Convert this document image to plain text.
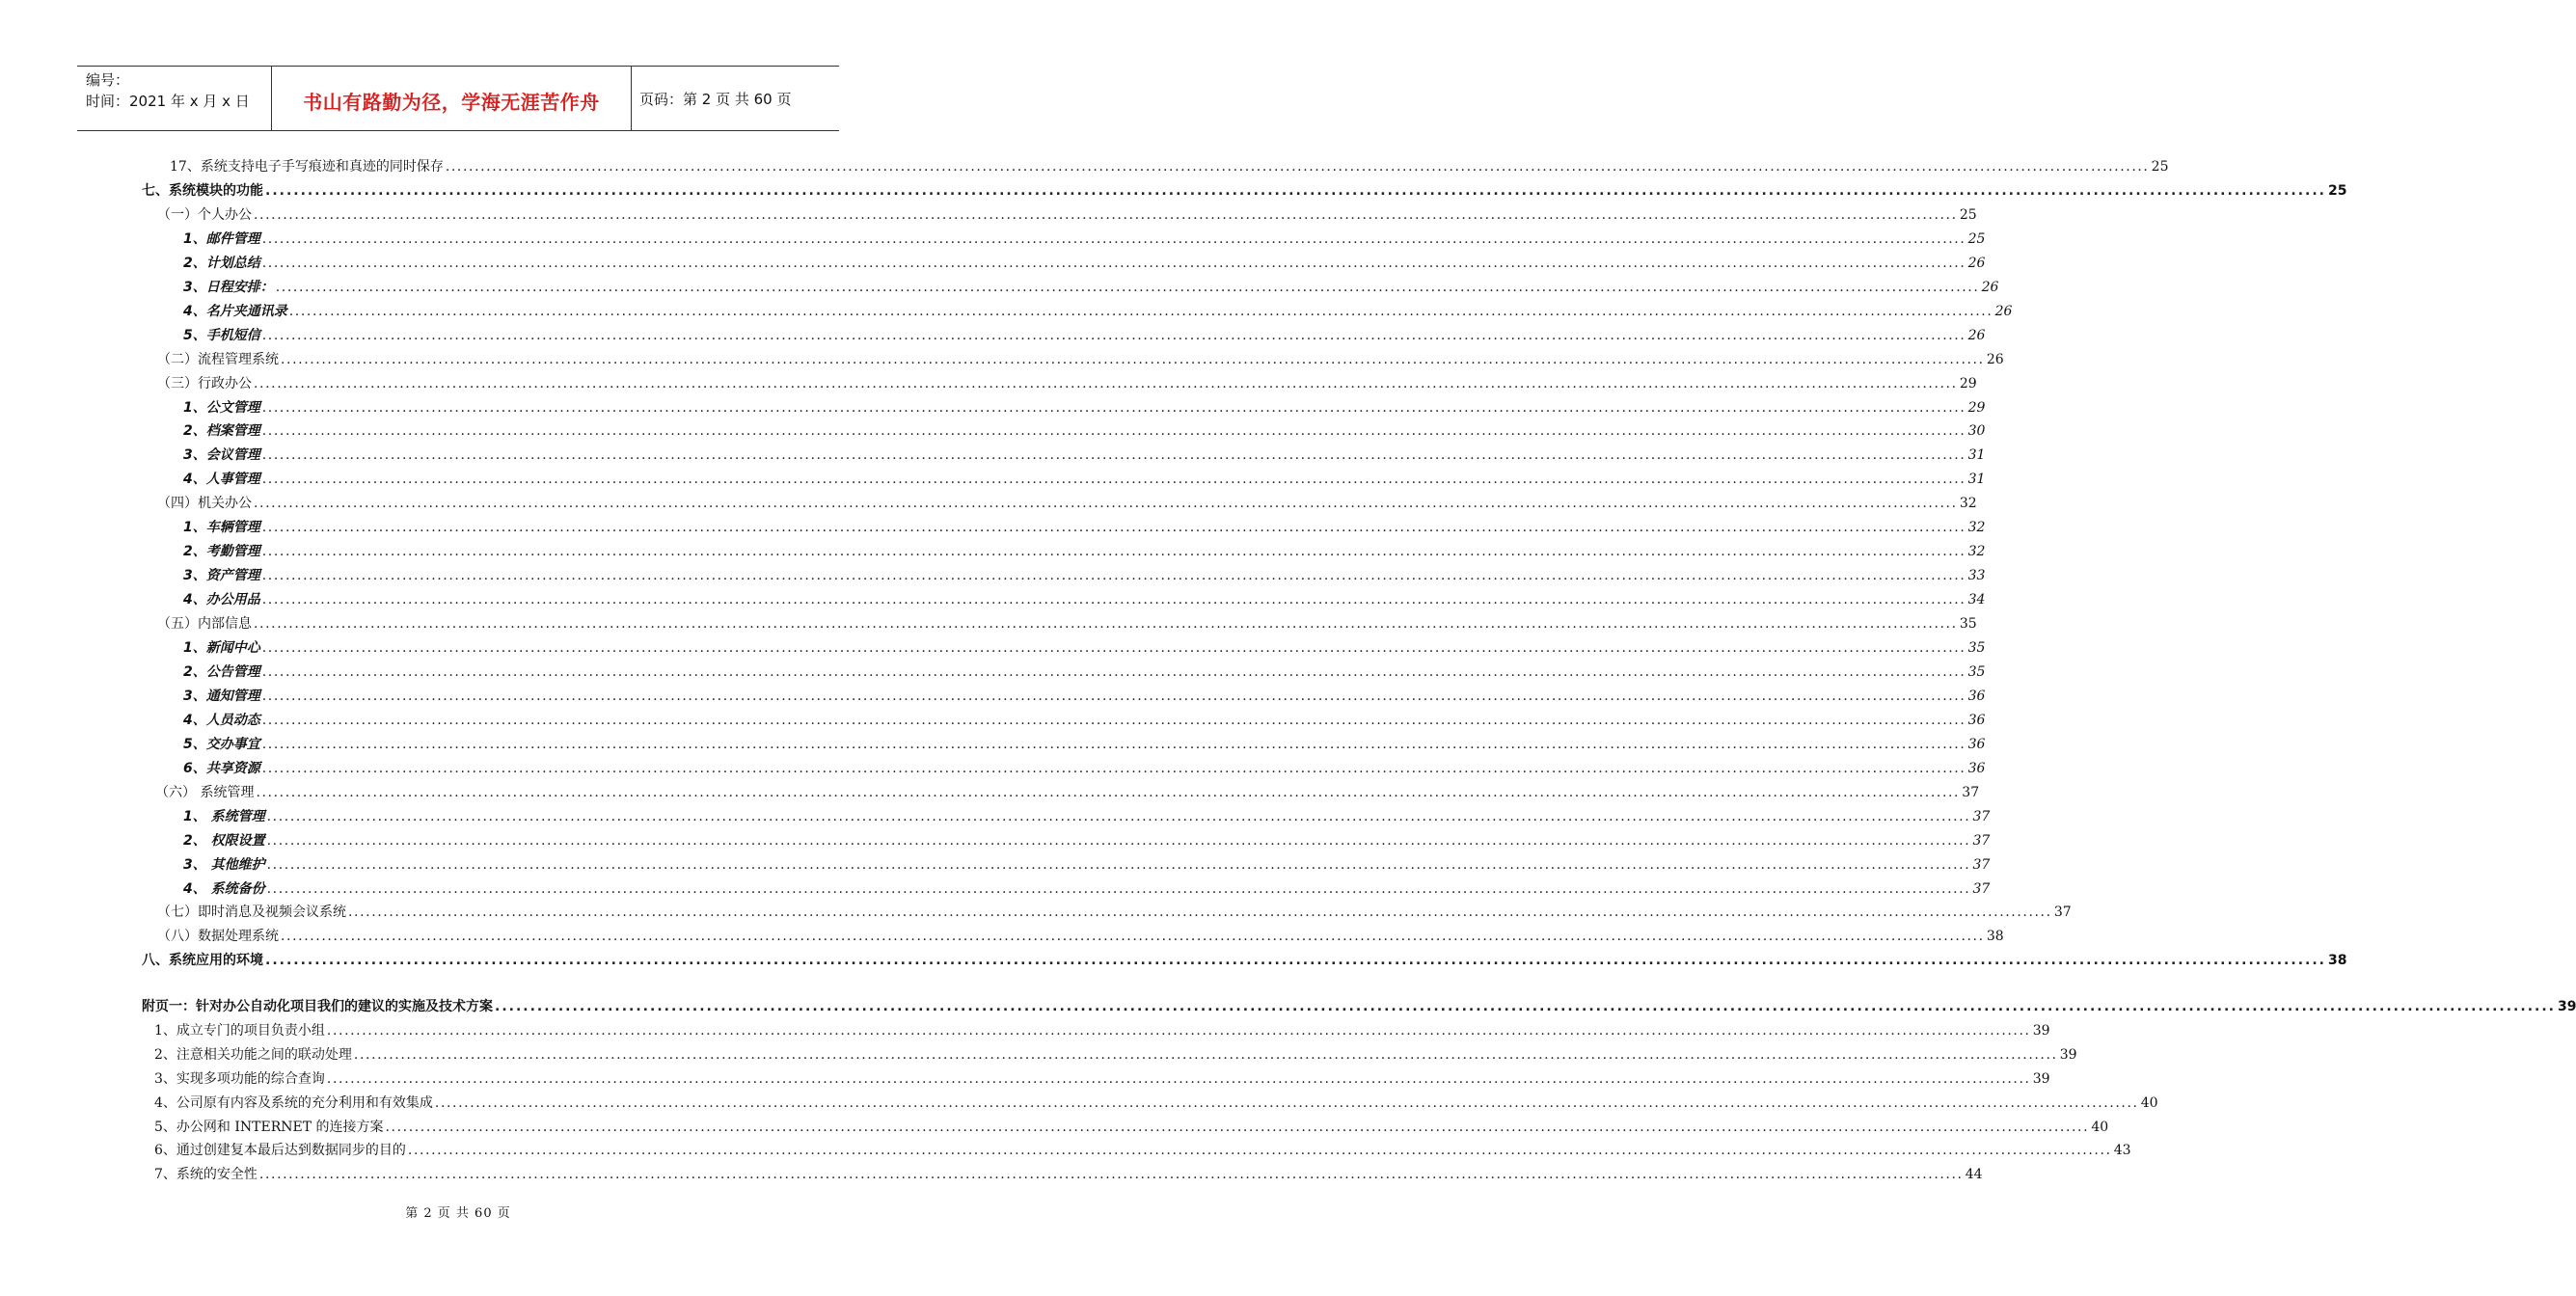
编号：
时间：2021 年 x 月 x 日	书山有路勤为径，学海无涯苦作舟	页码：第 2 页 共 60 页
17、系统支持电子手写痕迹和真迹的同时保存 .................................................................................................................................................................................................................................................................................................... 25
七、系统模块的功能 .................................................................................................................................................................................................................................................................................................... 25
（一）个人办公 .................................................................................................................................................................................................................................................................................................... 25
1、邮件管理 .................................................................................................................................................................................................................................................................................................... 25
2、计划总结 .................................................................................................................................................................................................................................................................................................... 26
3、日程安排： .................................................................................................................................................................................................................................................................................................... 26
4、名片夹通讯录 .................................................................................................................................................................................................................................................................................................... 26
5、手机短信 .................................................................................................................................................................................................................................................................................................... 26
（二）流程管理系统 .................................................................................................................................................................................................................................................................................................... 26
（三）行政办公 .................................................................................................................................................................................................................................................................................................... 29
1、公文管理 .................................................................................................................................................................................................................................................................................................... 29
2、档案管理 .................................................................................................................................................................................................................................................................................................... 30
3、会议管理 .................................................................................................................................................................................................................................................................................................... 31
4、人事管理 .................................................................................................................................................................................................................................................................................................... 31
（四）机关办公 .................................................................................................................................................................................................................................................................................................... 32
1、车辆管理 .................................................................................................................................................................................................................................................................................................... 32
2、考勤管理 .................................................................................................................................................................................................................................................................................................... 32
3、资产管理 .................................................................................................................................................................................................................................................................................................... 33
4、办公用品 .................................................................................................................................................................................................................................................................................................... 34
（五）内部信息 .................................................................................................................................................................................................................................................................................................... 35
1、新闻中心 .................................................................................................................................................................................................................................................................................................... 35
2、公告管理 .................................................................................................................................................................................................................................................................................................... 35
3、通知管理 .................................................................................................................................................................................................................................................................................................... 36
4、人员动态 .................................................................................................................................................................................................................................................................................................... 36
5、交办事宜 .................................................................................................................................................................................................................................................................................................... 36
6、共享资源 .................................................................................................................................................................................................................................................................................................... 36
（六） 系统管理 .................................................................................................................................................................................................................................................................................................... 37
1、 系统管理 .................................................................................................................................................................................................................................................................................................... 37
2、 权限设置 .................................................................................................................................................................................................................................................................................................... 37
3、 其他维护 .................................................................................................................................................................................................................................................................................................... 37
4、 系统备份 .................................................................................................................................................................................................................................................................................................... 37
（七）即时消息及视频会议系统 .................................................................................................................................................................................................................................................................................................... 37
（八）数据处理系统 .................................................................................................................................................................................................................................................................................................... 38
八、系统应用的环境 .................................................................................................................................................................................................................................................................................................... 38
附页一：针对办公自动化项目我们的建议的实施及技术方案 .................................................................................................................................................................................................................................................................................................... 39
1、成立专门的项目负责小组 .................................................................................................................................................................................................................................................................................................... 39
2、注意相关功能之间的联动处理 .................................................................................................................................................................................................................................................................................................... 39
3、实现多项功能的综合查询 .................................................................................................................................................................................................................................................................................................... 39
4、公司原有内容及系统的充分利用和有效集成 .................................................................................................................................................................................................................................................................................................... 40
5、办公网和 INTERNET 的连接方案 .................................................................................................................................................................................................................................................................................................... 40
6、通过创建复本最后达到数据同步的目的 .................................................................................................................................................................................................................................................................................................... 43
7、系统的安全性 .................................................................................................................................................................................................................................................................................................... 44
第 2 页 共 60 页
